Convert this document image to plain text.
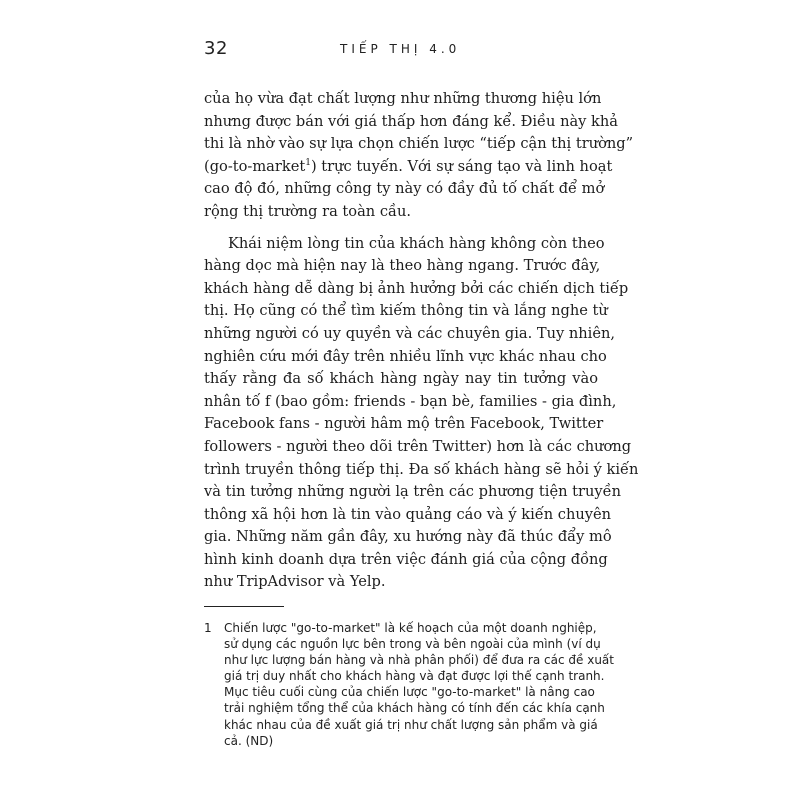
32	TIẾP THỊ 4.0
của họ vừa đạt chất lượng như những thương hiệu lớn
nhưng được bán với giá thấp hơn đáng kể. Điều này khả
thi là nhờ vào sự lựa chọn chiến lược “tiếp cận thị trường”
(go-to-market$^1$) trực tuyến. Với sự sáng tạo và linh hoạt
cao độ đó, những công ty này có đầy đủ tố chất để mở
rộng thị trường ra toàn cầu.
Khái niệm lòng tin của khách hàng không còn theo
hàng dọc mà hiện nay là theo hàng ngang. Trước đây,
khách hàng dễ dàng bị ảnh hưởng bởi các chiến dịch tiếp
thị. Họ cũng có thể tìm kiếm thông tin và lắng nghe từ
những người có uy quyền và các chuyên gia. Tuy nhiên,
nghiên cứu mới đây trên nhiều lĩnh vực khác nhau cho
thấy rằng đa số khách hàng ngày nay tin tưởng vào
nhân tố f (bao gồm: friends - bạn bè, families - gia đình,
Facebook fans - người hâm mộ trên Facebook, Twitter
followers - người theo dõi trên Twitter) hơn là các chương
trình truyền thông tiếp thị. Đa số khách hàng sẽ hỏi ý kiến
và tin tưởng những người lạ trên các phương tiện truyền
thông xã hội hơn là tin vào quảng cáo và ý kiến chuyên
gia. Những năm gần đây, xu hướng này đã thúc đẩy mô
hình kinh doanh dựa trên việc đánh giá của cộng đồng
như TripAdvisor và Yelp.
1 Chiến lược "go-to-market" là kế hoạch của một doanh nghiệp,
sử dụng các nguồn lực bên trong và bên ngoài của mình (ví dụ
như lực lượng bán hàng và nhà phân phối) để đưa ra các đề xuất
giá trị duy nhất cho khách hàng và đạt được lợi thế cạnh tranh.
Mục tiêu cuối cùng của chiến lược "go-to-market" là nâng cao
trải nghiệm tổng thể của khách hàng có tính đến các khía cạnh
khác nhau của đề xuất giá trị như chất lượng sản phẩm và giá
cả. (ND)
